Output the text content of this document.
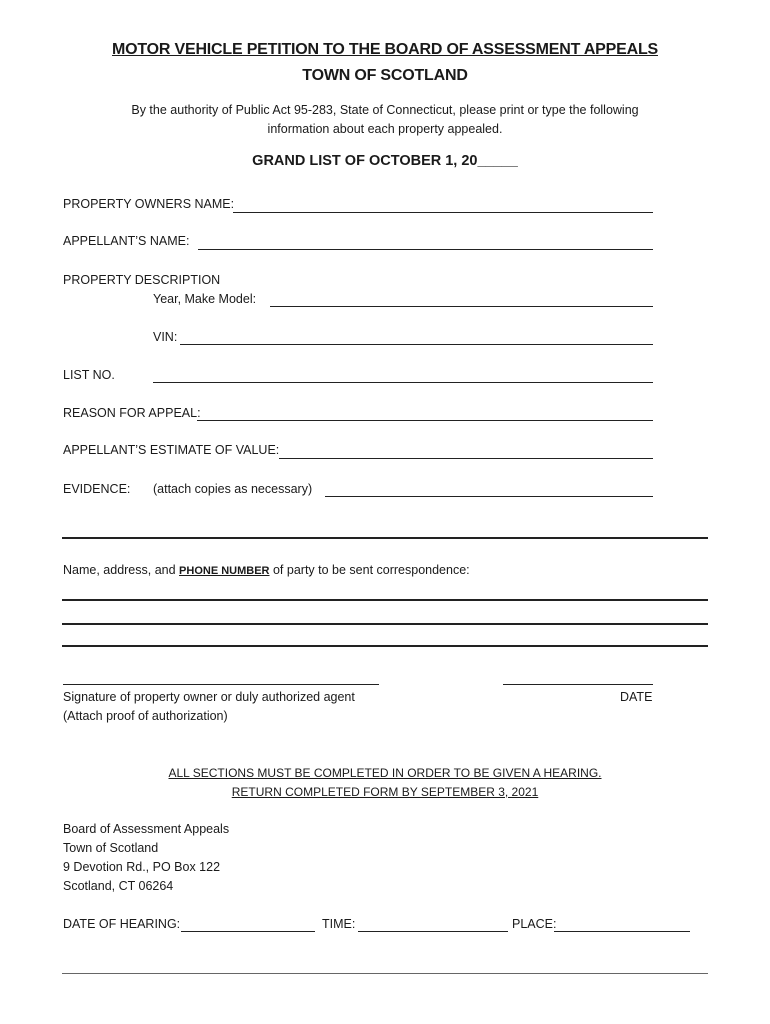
MOTOR VEHICLE PETITION TO THE BOARD OF ASSESSMENT APPEALS
TOWN OF SCOTLAND
By the authority of Public Act 95-283, State of Connecticut, please print or type the following
information about each property appealed.
GRAND LIST OF OCTOBER 1, 20_____
PROPERTY OWNERS NAME:
APPELLANT’S NAME:
PROPERTY DESCRIPTION
Year, Make Model:
VIN:
LIST NO.
REASON FOR APPEAL:
APPELLANT’S ESTIMATE OF VALUE:
EVIDENCE: (attach copies as necessary)
Name, address, and PHONE NUMBER of party to be sent correspondence:
Signature of property owner or duly authorized agent
(Attach proof of authorization)
DATE
ALL SECTIONS MUST BE COMPLETED IN ORDER TO BE GIVEN A HEARING.
RETURN COMPLETED FORM BY SEPTEMBER 3, 2021
Board of Assessment Appeals
Town of Scotland
9 Devotion Rd., PO Box 122
Scotland, CT 06264
DATE OF HEARING:	TIME:	PLACE:
